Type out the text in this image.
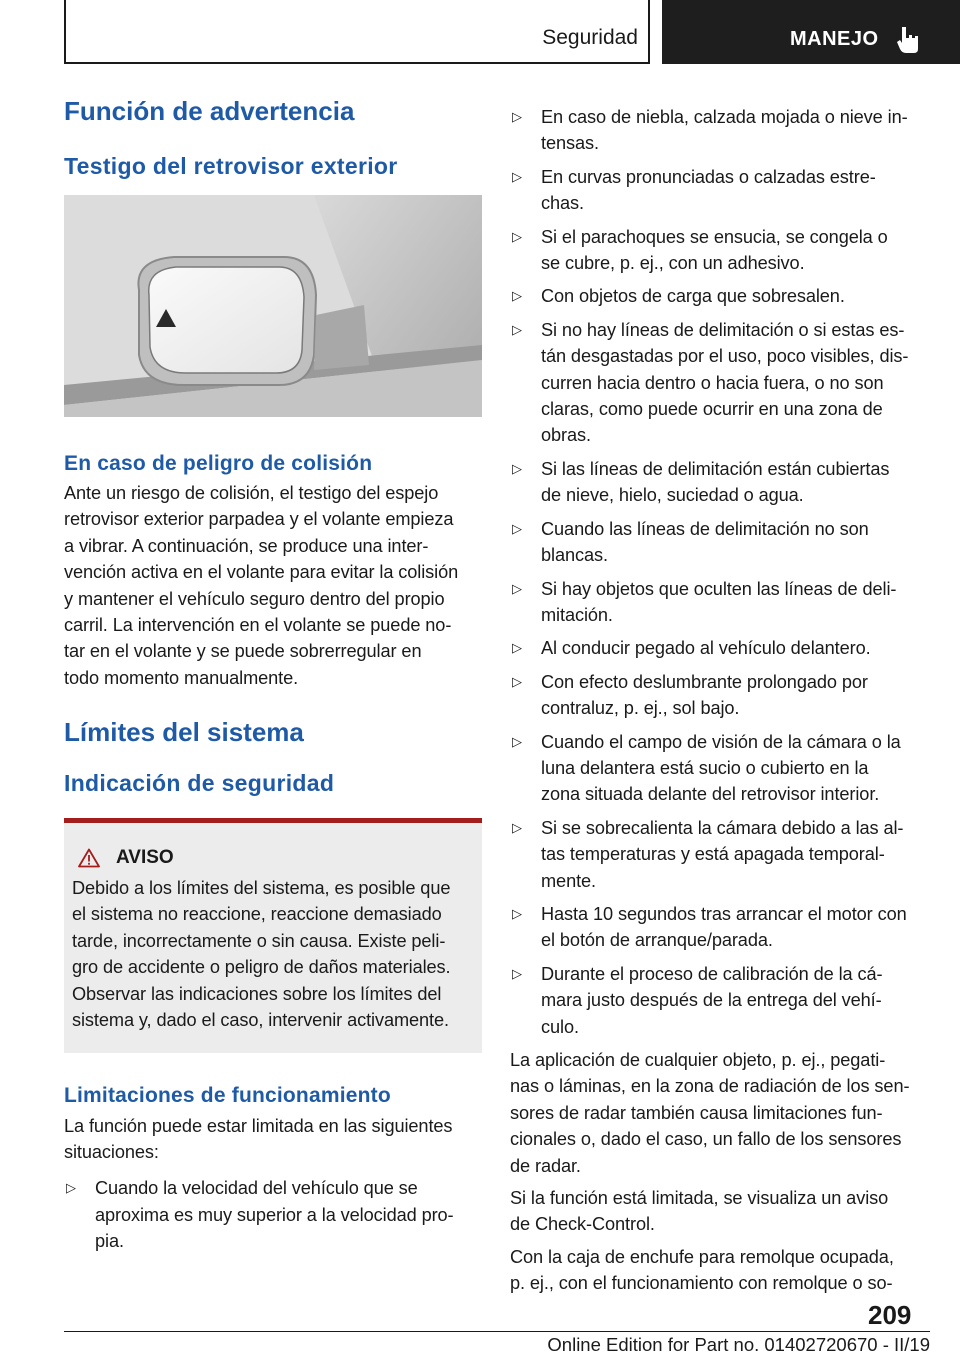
Seguridad	MANEJO
Función de advertencia
Testigo del retrovisor exterior
En caso de peligro de colisión

Ante un riesgo de colisión, el testigo del espejo
retrovisor exterior parpadea y el volante empieza
a vibrar. A continuación, se produce una inter-
vención activa en el volante para evitar la colisión
y mantener el vehículo seguro dentro del propio
carril. La intervención en el volante se puede no-
tar en el volante y se puede sobrerregular en
todo momento manualmente.

Límites del sistema
Indicación de seguridad
AVISO

Debido a los límites del sistema, es posible que
el sistema no reaccione, reaccione demasiado
tarde, incorrectamente o sin causa. Existe peli-
gro de accidente o peligro de daños materiales.
Observar las indicaciones sobre los límites del
sistema y, dado el caso, intervenir activamente.

Limitaciones de funcionamiento

La función puede estar limitada en las siguientes
situaciones:

▷ Cuando la velocidad del vehículo que se
aproxima es muy superior a la velocidad pro-
pia.
▷ En caso de niebla, calzada mojada o nieve in-
tensas.
▷ En curvas pronunciadas o calzadas estre-
chas.
▷ Si el parachoques se ensucia, se congela o
se cubre, p. ej., con un adhesivo.
▷ Con objetos de carga que sobresalen.
▷ Si no hay líneas de delimitación o si estas es-
tán desgastadas por el uso, poco visibles, dis-
curren hacia dentro o hacia fuera, o no son
claras, como puede ocurrir en una zona de
obras.
▷ Si las líneas de delimitación están cubiertas
de nieve, hielo, suciedad o agua.
▷ Cuando las líneas de delimitación no son
blancas.
▷ Si hay objetos que oculten las líneas de deli-
mitación.
▷ Al conducir pegado al vehículo delantero.
▷ Con efecto deslumbrante prolongado por
contraluz, p. ej., sol bajo.
▷ Cuando el campo de visión de la cámara o la
luna delantera está sucio o cubierto en la
zona situada delante del retrovisor interior.
▷ Si se sobrecalienta la cámara debido a las al-
tas temperaturas y está apagada temporal-
mente.
▷ Hasta 10 segundos tras arrancar el motor con
el botón de arranque/parada.
▷ Durante el proceso de calibración de la cá-
mara justo después de la entrega del vehí-
culo.

La aplicación de cualquier objeto, p. ej., pegati-
nas o láminas, en la zona de radiación de los sen-
sores de radar también causa limitaciones fun-
cionales o, dado el caso, un fallo de los sensores
de radar.

Si la función está limitada, se visualiza un aviso
de Check-Control.

Con la caja de enchufe para remolque ocupada,
p. ej., con el funcionamiento con remolque o so-

209
Online Edition for Part no. 01402720670 - II/19
